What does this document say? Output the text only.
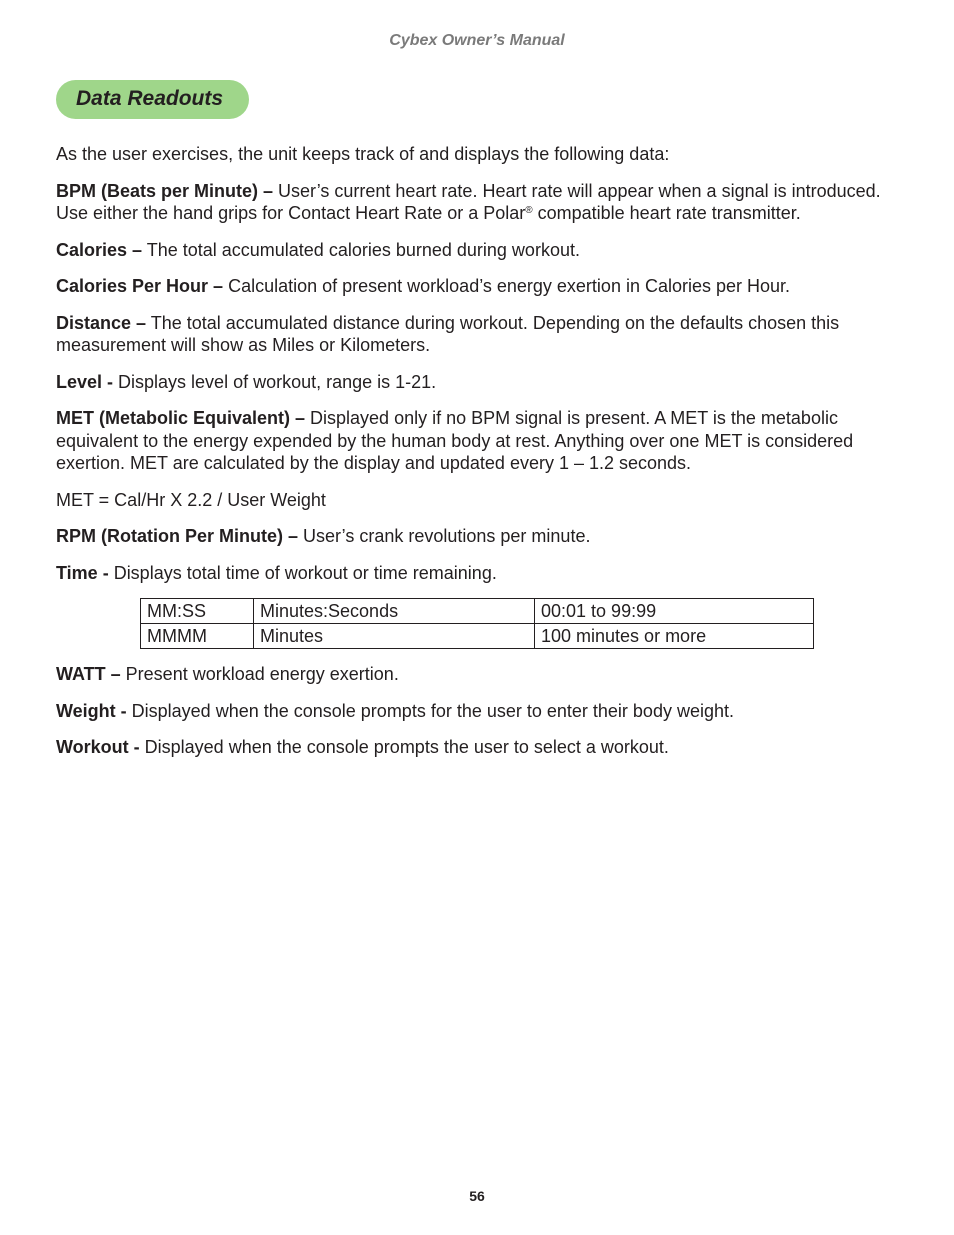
Cybex Owner’s Manual
Data Readouts

As the user exercises, the unit keeps track of and displays the following data:

BPM (Beats per Minute) – User’s current heart rate. Heart rate will appear when a signal is introduced. Use either the hand grips for Contact Heart Rate or a Polar® compatible heart rate transmitter.

Calories – The total accumulated calories burned during workout.

Calories Per Hour – Calculation of present workload’s energy exertion in Calories per Hour.

Distance – The total accumulated distance during workout. Depending on the defaults chosen this measurement will show as Miles or Kilometers.

Level - Displays level of workout, range is 1-21.

MET (Metabolic Equivalent) – Displayed only if no BPM signal is present. A MET is the metabolic equivalent to the energy expended by the human body at rest. Anything over one MET is considered exertion. MET are calculated by the display and updated every 1 – 1.2 seconds.

MET = Cal/Hr X 2.2 / User Weight

RPM (Rotation Per Minute) – User’s crank revolutions per minute.

Time - Displays total time of workout or time remaining.

MM:SS	Minutes:Seconds	00:01 to 99:99
MMMM	Minutes	100 minutes or more

WATT – Present workload energy exertion.

Weight - Displayed when the console prompts for the user to enter their body weight.

Workout - Displayed when the console prompts the user to select a workout.

56
